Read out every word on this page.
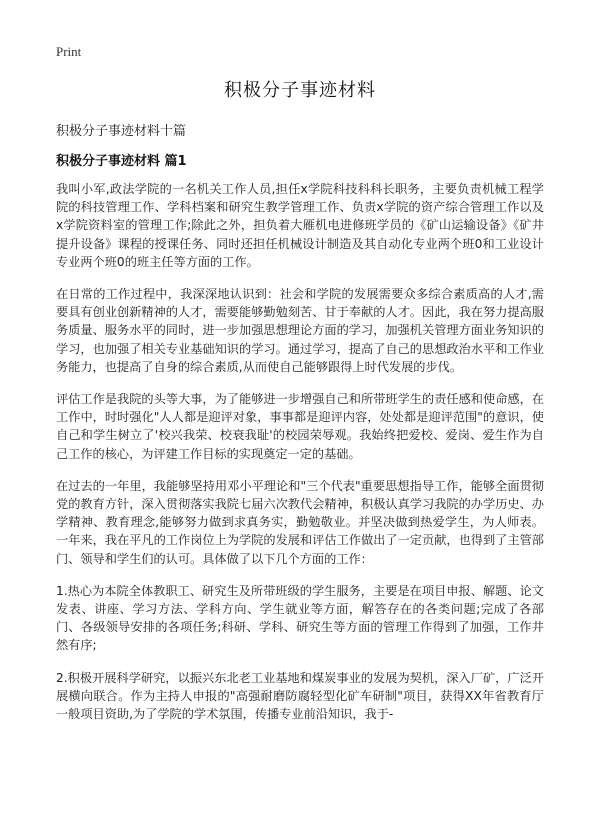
Print
积极分子事迹材料

积极分子事迹材料十篇

积极分子事迹材料 篇1

我叫小军,政法学院的一名机关工作人员,担任x学院科技科科长职务，主要负责机械工程学院的科技管理工作、学科档案和研究生教学管理工作、负责x学院的资产综合管理工作以及x学院资料室的管理工作;除此之外，担负着大雁机电进修班学员的《矿山运输设备》《矿井提升设备》课程的授课任务、同时还担任机械设计制造及其自动化专业两个班0和工业设计专业两个班0的班主任等方面的工作。

在日常的工作过程中，我深深地认识到：社会和学院的发展需要众多综合素质高的人才,需要具有创业创新精神的人才，需要能够勤勉刻苦、甘于奉献的人才。因此，我在努力提高服务质量、服务水平的同时，进一步加强思想理论方面的学习，加强机关管理方面业务知识的学习，也加强了相关专业基础知识的学习。通过学习，提高了自己的思想政治水平和工作业务能力，也提高了自身的综合素质,从而使自己能够跟得上时代发展的步伐。

评估工作是我院的头等大事，为了能够进一步增强自己和所带班学生的责任感和使命感，在工作中，时时强化"人人都是迎评对象，事事都是迎评内容，处处都是迎评范围"的意识，使自己和学生树立了'校兴我荣、校衰我耻'的校园荣辱观。我始终把爱校、爱岗、爱生作为自己工作的核心，为评建工作目标的实现奠定一定的基础。

在过去的一年里，我能够坚持用邓小平理论和"三个代表"重要思想指导工作，能够全面贯彻党的教育方针，深入贯彻落实我院七届六次教代会精神，积极认真学习我院的办学历史、办学精神、教育理念,能够努力做到求真务实，勤勉敬业。并坚决做到热爱学生，为人师表。一年来，我在平凡的工作岗位上为学院的发展和评估工作做出了一定贡献，也得到了主管部门、领导和学生们的认可。具体做了以下几个方面的工作：

1.热心为本院全体教职工、研究生及所带班级的学生服务，主要是在项目申报、解题、论文发表、讲座、学习方法、学科方向、学生就业等方面，解答存在的各类问题;完成了各部门、各级领导安排的各项任务;科研、学科、研究生等方面的管理工作得到了加强，工作井然有序;

2.积极开展科学研究，以振兴东北老工业基地和煤炭事业的发展为契机，深入厂矿，广泛开展横向联合。作为主持人申报的"高强耐磨防腐轻型化矿车研制"项目，获得XX年省教育厅一般项目资助,为了学院的学术氛围，传播专业前沿知识，我于-
